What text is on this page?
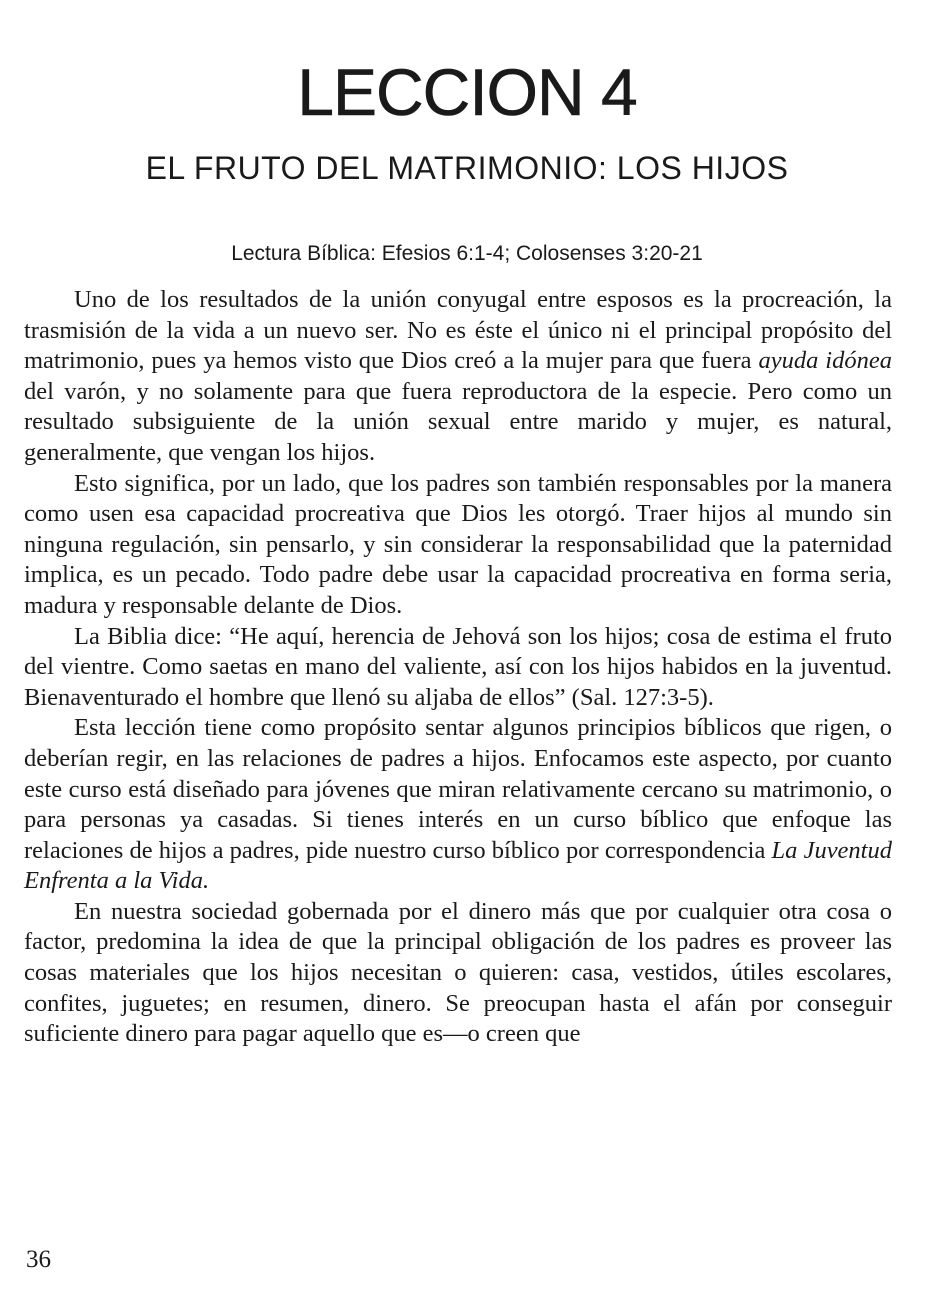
LECCION 4
EL FRUTO DEL MATRIMONIO: LOS HIJOS

Lectura Bíblica: Efesios 6:1-4; Colosenses 3:20-21

Uno de los resultados de la unión conyugal entre esposos es la procreación, la trasmisión de la vida a un nuevo ser. No es éste el único ni el principal propósito del matrimonio, pues ya hemos visto que Dios creó a la mujer para que fuera ayuda idónea del varón, y no solamente para que fuera reproductora de la especie. Pero como un resultado subsiguiente de la unión sexual entre marido y mujer, es natural, generalmente, que vengan los hijos.

Esto significa, por un lado, que los padres son también responsables por la manera como usen esa capacidad procreativa que Dios les otorgó. Traer hijos al mundo sin ninguna regulación, sin pensarlo, y sin considerar la responsabilidad que la paternidad implica, es un pecado. Todo padre debe usar la capacidad procreativa en forma seria, madura y responsable delante de Dios.

La Biblia dice: “He aquí, herencia de Jehová son los hijos; cosa de estima el fruto del vientre. Como saetas en mano del valiente, así con los hijos habidos en la juventud. Bienaventurado el hombre que llenó su aljaba de ellos” (Sal. 127:3-5).

Esta lección tiene como propósito sentar algunos principios bíblicos que rigen, o deberían regir, en las relaciones de padres a hijos. Enfocamos este aspecto, por cuanto este curso está diseñado para jóvenes que miran relativamente cercano su matrimonio, o para personas ya casadas. Si tienes interés en un curso bíblico que enfoque las relaciones de hijos a padres, pide nuestro curso bíblico por correspondencia La Juventud Enfrenta a la Vida.

En nuestra sociedad gobernada por el dinero más que por cualquier otra cosa o factor, predomina la idea de que la principal obligación de los padres es proveer las cosas materiales que los hijos necesitan o quieren: casa, vestidos, útiles escolares, confites, juguetes; en resumen, dinero. Se preocupan hasta el afán por conseguir suficiente dinero para pagar aquello que es—o creen que

36
